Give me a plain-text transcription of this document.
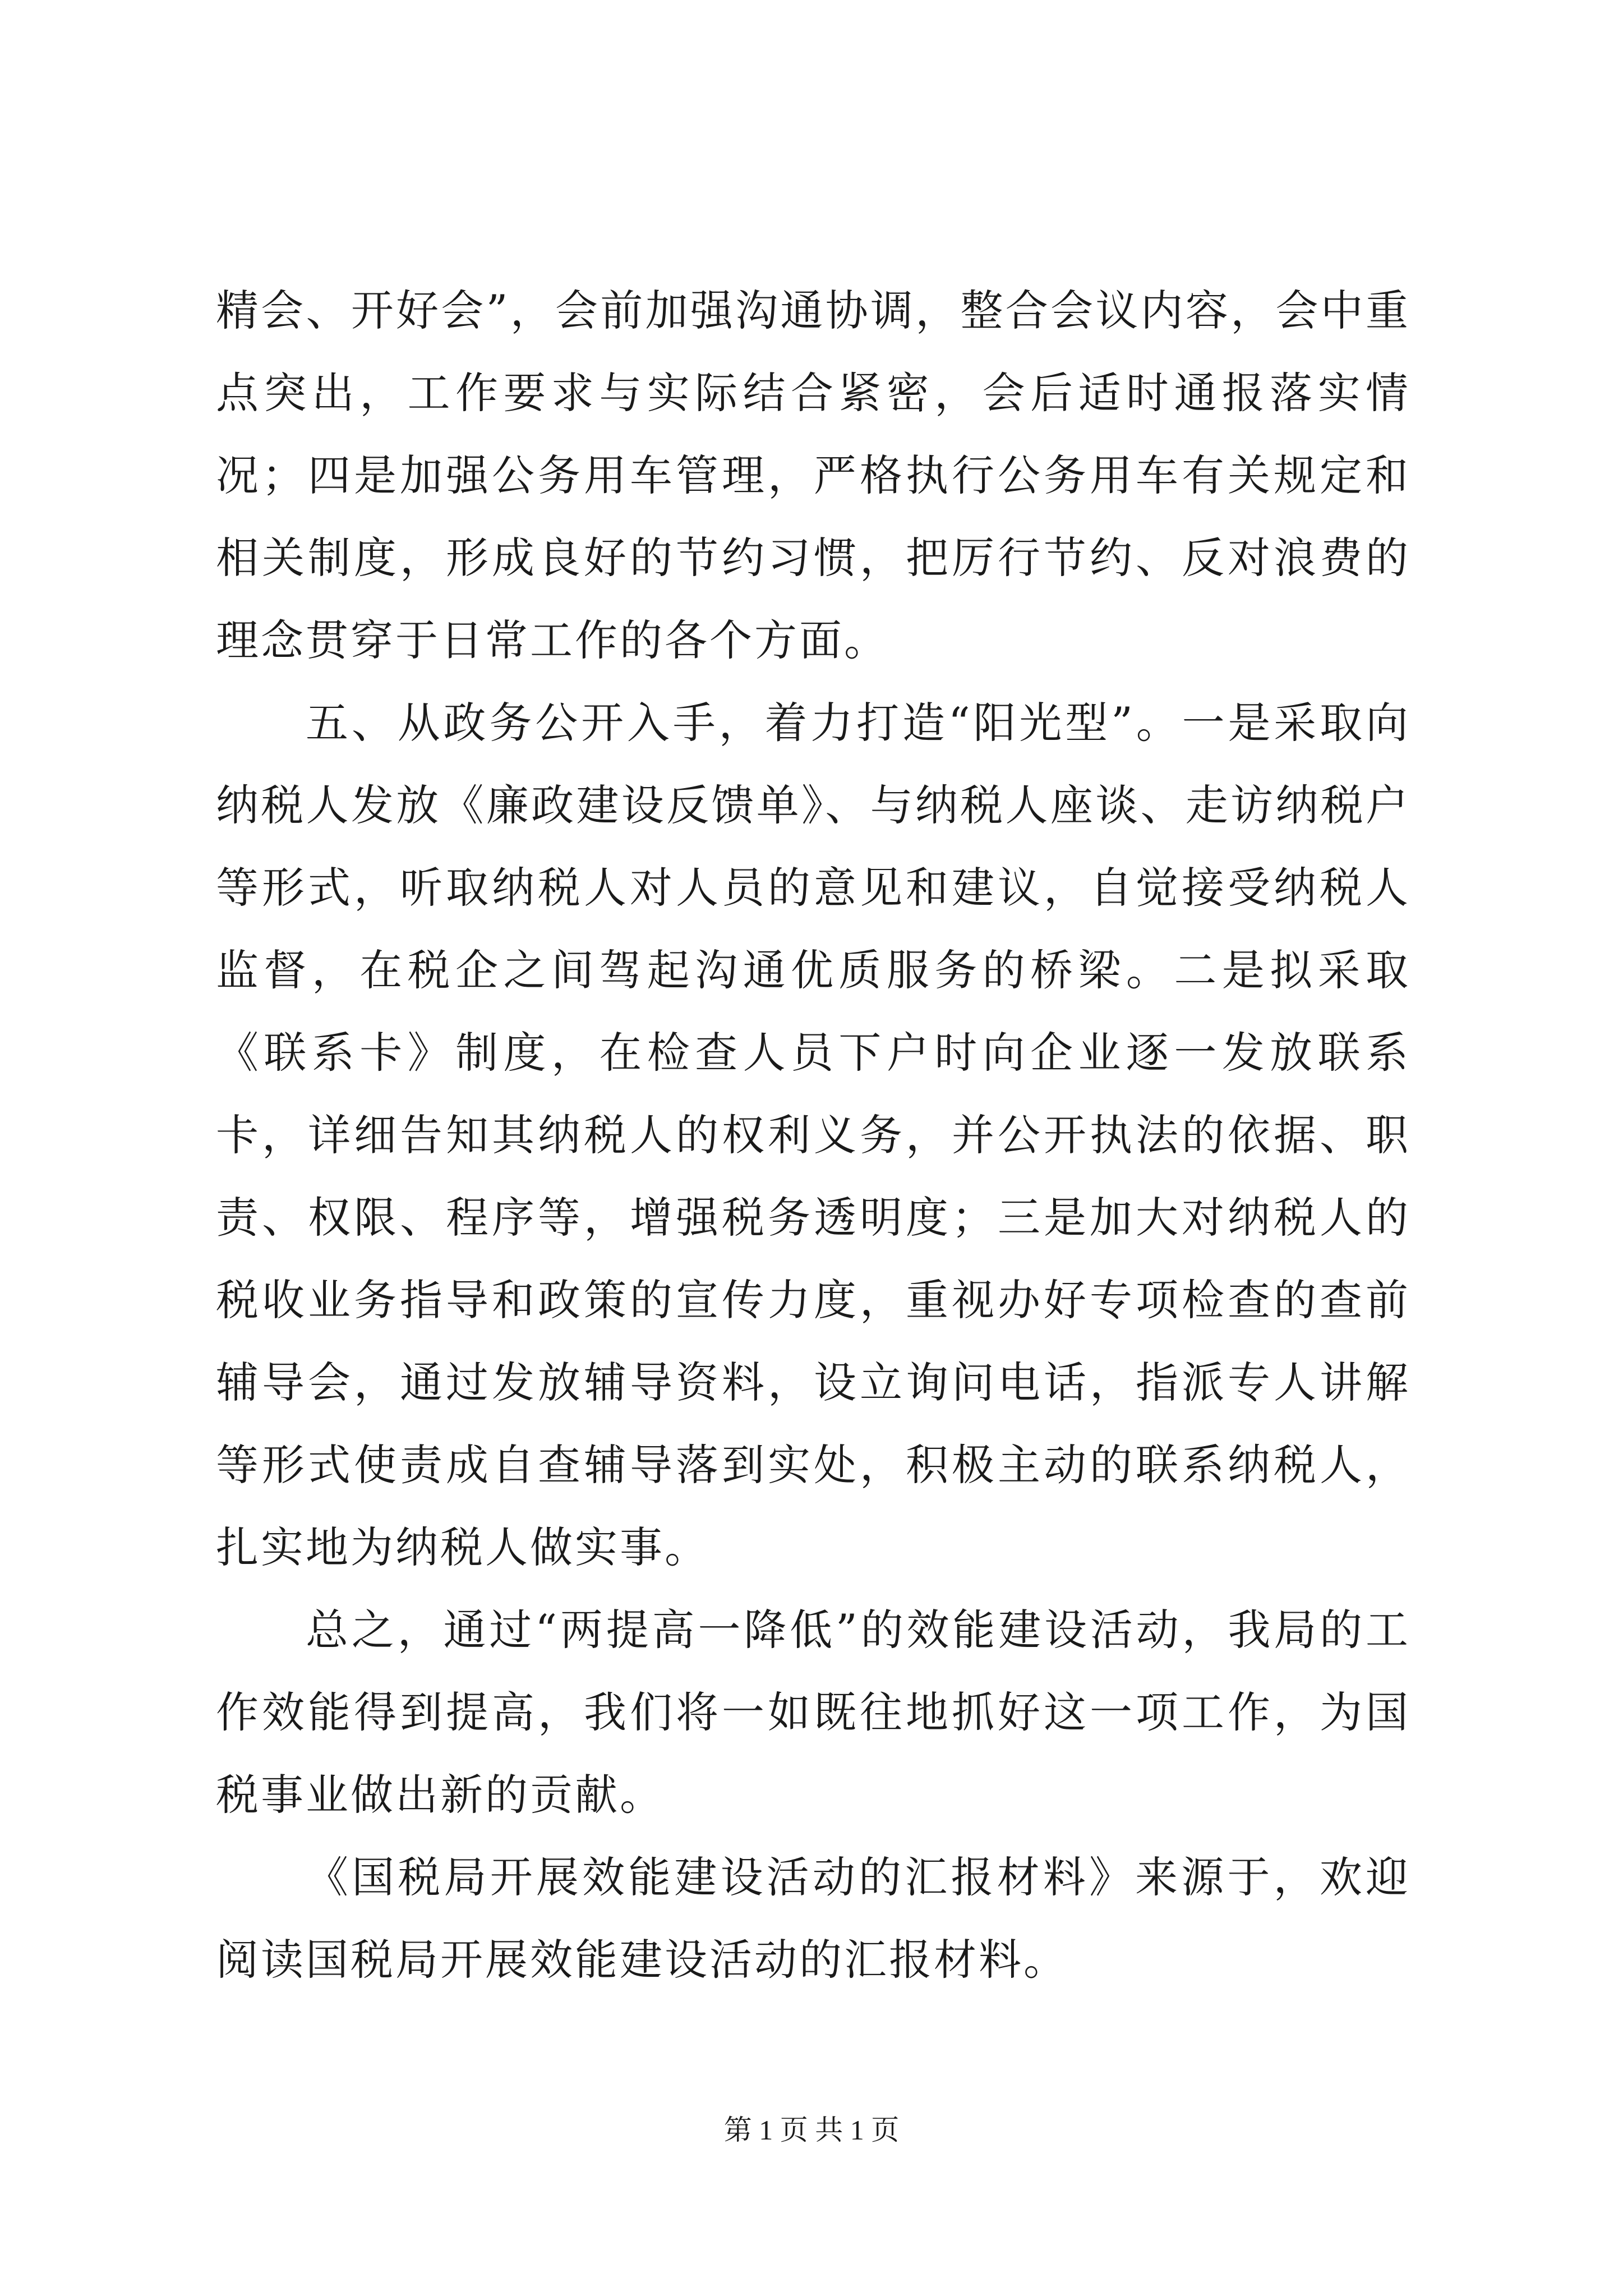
精会、开好会”，会前加强沟通协调，整合会议内容，会中重点突出，工作要求与实际结合紧密，会后适时通报落实情况；四是加强公务用车管理，严格执行公务用车有关规定和相关制度，形成良好的节约习惯，把厉行节约、反对浪费的理念贯穿于日常工作的各个方面。

五、从政务公开入手，着力打造“阳光型”。一是采取向纳税人发放《廉政建设反馈单》、与纳税人座谈、走访纳税户等形式，听取纳税人对人员的意见和建议，自觉接受纳税人监督，在税企之间驾起沟通优质服务的桥梁。二是拟采取《联系卡》制度，在检查人员下户时向企业逐一发放联系卡，详细告知其纳税人的权利义务，并公开执法的依据、职责、权限、程序等，增强税务透明度；三是加大对纳税人的税收业务指导和政策的宣传力度，重视办好专项检查的查前辅导会，通过发放辅导资料，设立询问电话，指派专人讲解等形式使责成自查辅导落到实处，积极主动的联系纳税人，扎实地为纳税人做实事。

总之，通过“两提高一降低”的效能建设活动，我局的工作效能得到提高，我们将一如既往地抓好这一项工作，为国税事业做出新的贡献。

《国税局开展效能建设活动的汇报材料》来源于，欢迎阅读国税局开展效能建设活动的汇报材料。

第 1 页 共 1 页
